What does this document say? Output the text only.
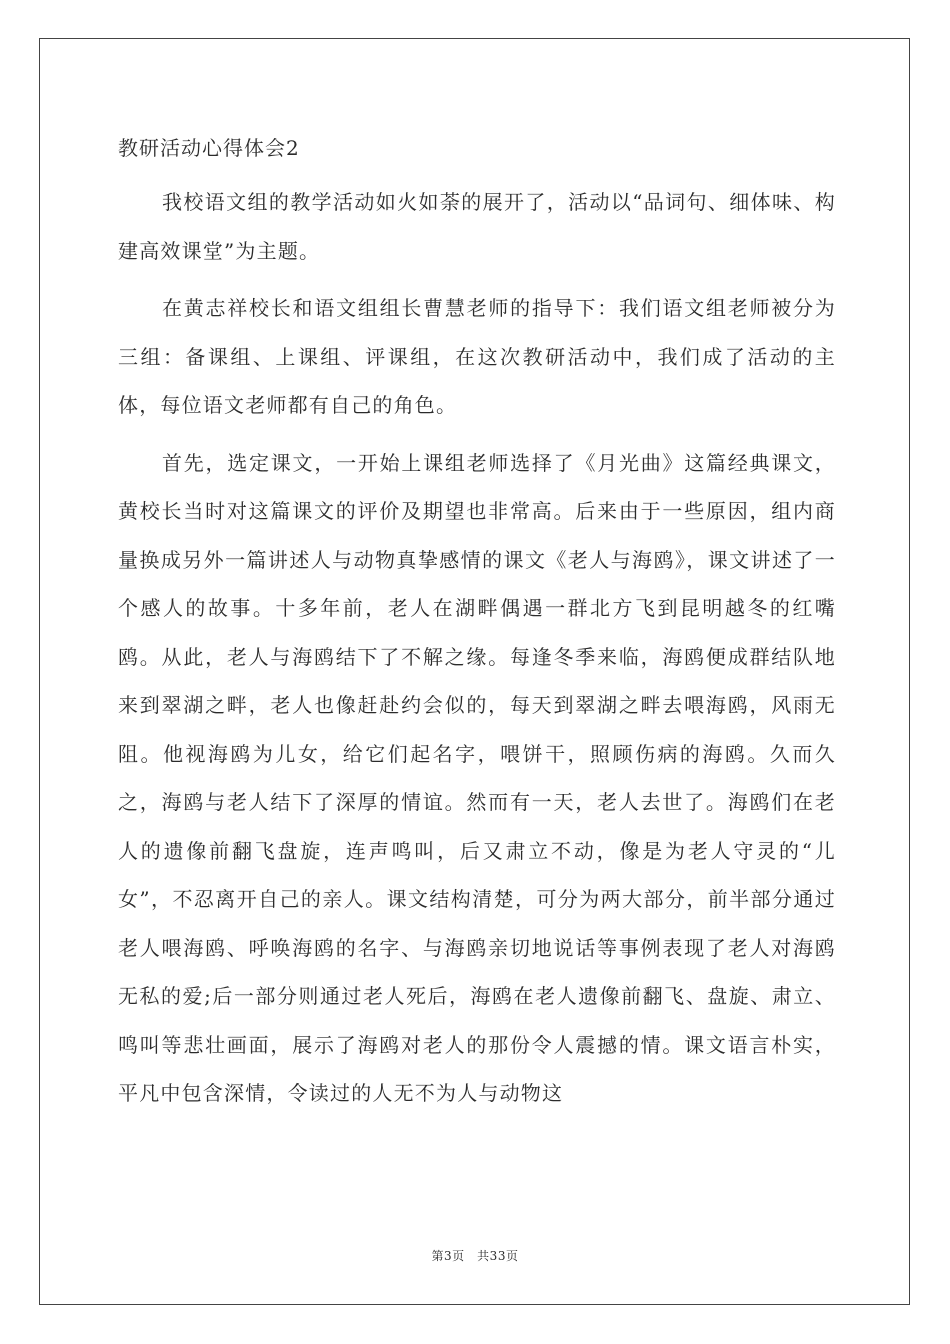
教研活动心得体会2

我校语文组的教学活动如火如荼的展开了，活动以“品词句、细体味、构建高效课堂”为主题。

在黄志祥校长和语文组组长曹慧老师的指导下：我们语文组老师被分为三组：备课组、上课组、评课组，在这次教研活动中，我们成了活动的主体，每位语文老师都有自己的角色。

首先，选定课文，一开始上课组老师选择了《月光曲》这篇经典课文，黄校长当时对这篇课文的评价及期望也非常高。后来由于一些原因，组内商量换成另外一篇讲述人与动物真挚感情的课文《老人与海鸥》，课文讲述了一个感人的故事。十多年前，老人在湖畔偶遇一群北方飞到昆明越冬的红嘴鸥。从此，老人与海鸥结下了不解之缘。每逢冬季来临，海鸥便成群结队地来到翠湖之畔，老人也像赶赴约会似的，每天到翠湖之畔去喂海鸥，风雨无阻。他视海鸥为儿女，给它们起名字，喂饼干，照顾伤病的海鸥。久而久之，海鸥与老人结下了深厚的情谊。然而有一天，老人去世了。海鸥们在老人的遗像前翻飞盘旋，连声鸣叫，后又肃立不动，像是为老人守灵的“儿女”，不忍离开自己的亲人。课文结构清楚，可分为两大部分，前半部分通过老人喂海鸥、呼唤海鸥的名字、与海鸥亲切地说话等事例表现了老人对海鸥无私的爱;后一部分则通过老人死后，海鸥在老人遗像前翻飞、盘旋、肃立、鸣叫等悲壮画面，展示了海鸥对老人的那份令人震撼的情。课文语言朴实，平凡中包含深情，令读过的人无不为人与动物这

第3页　共33页
